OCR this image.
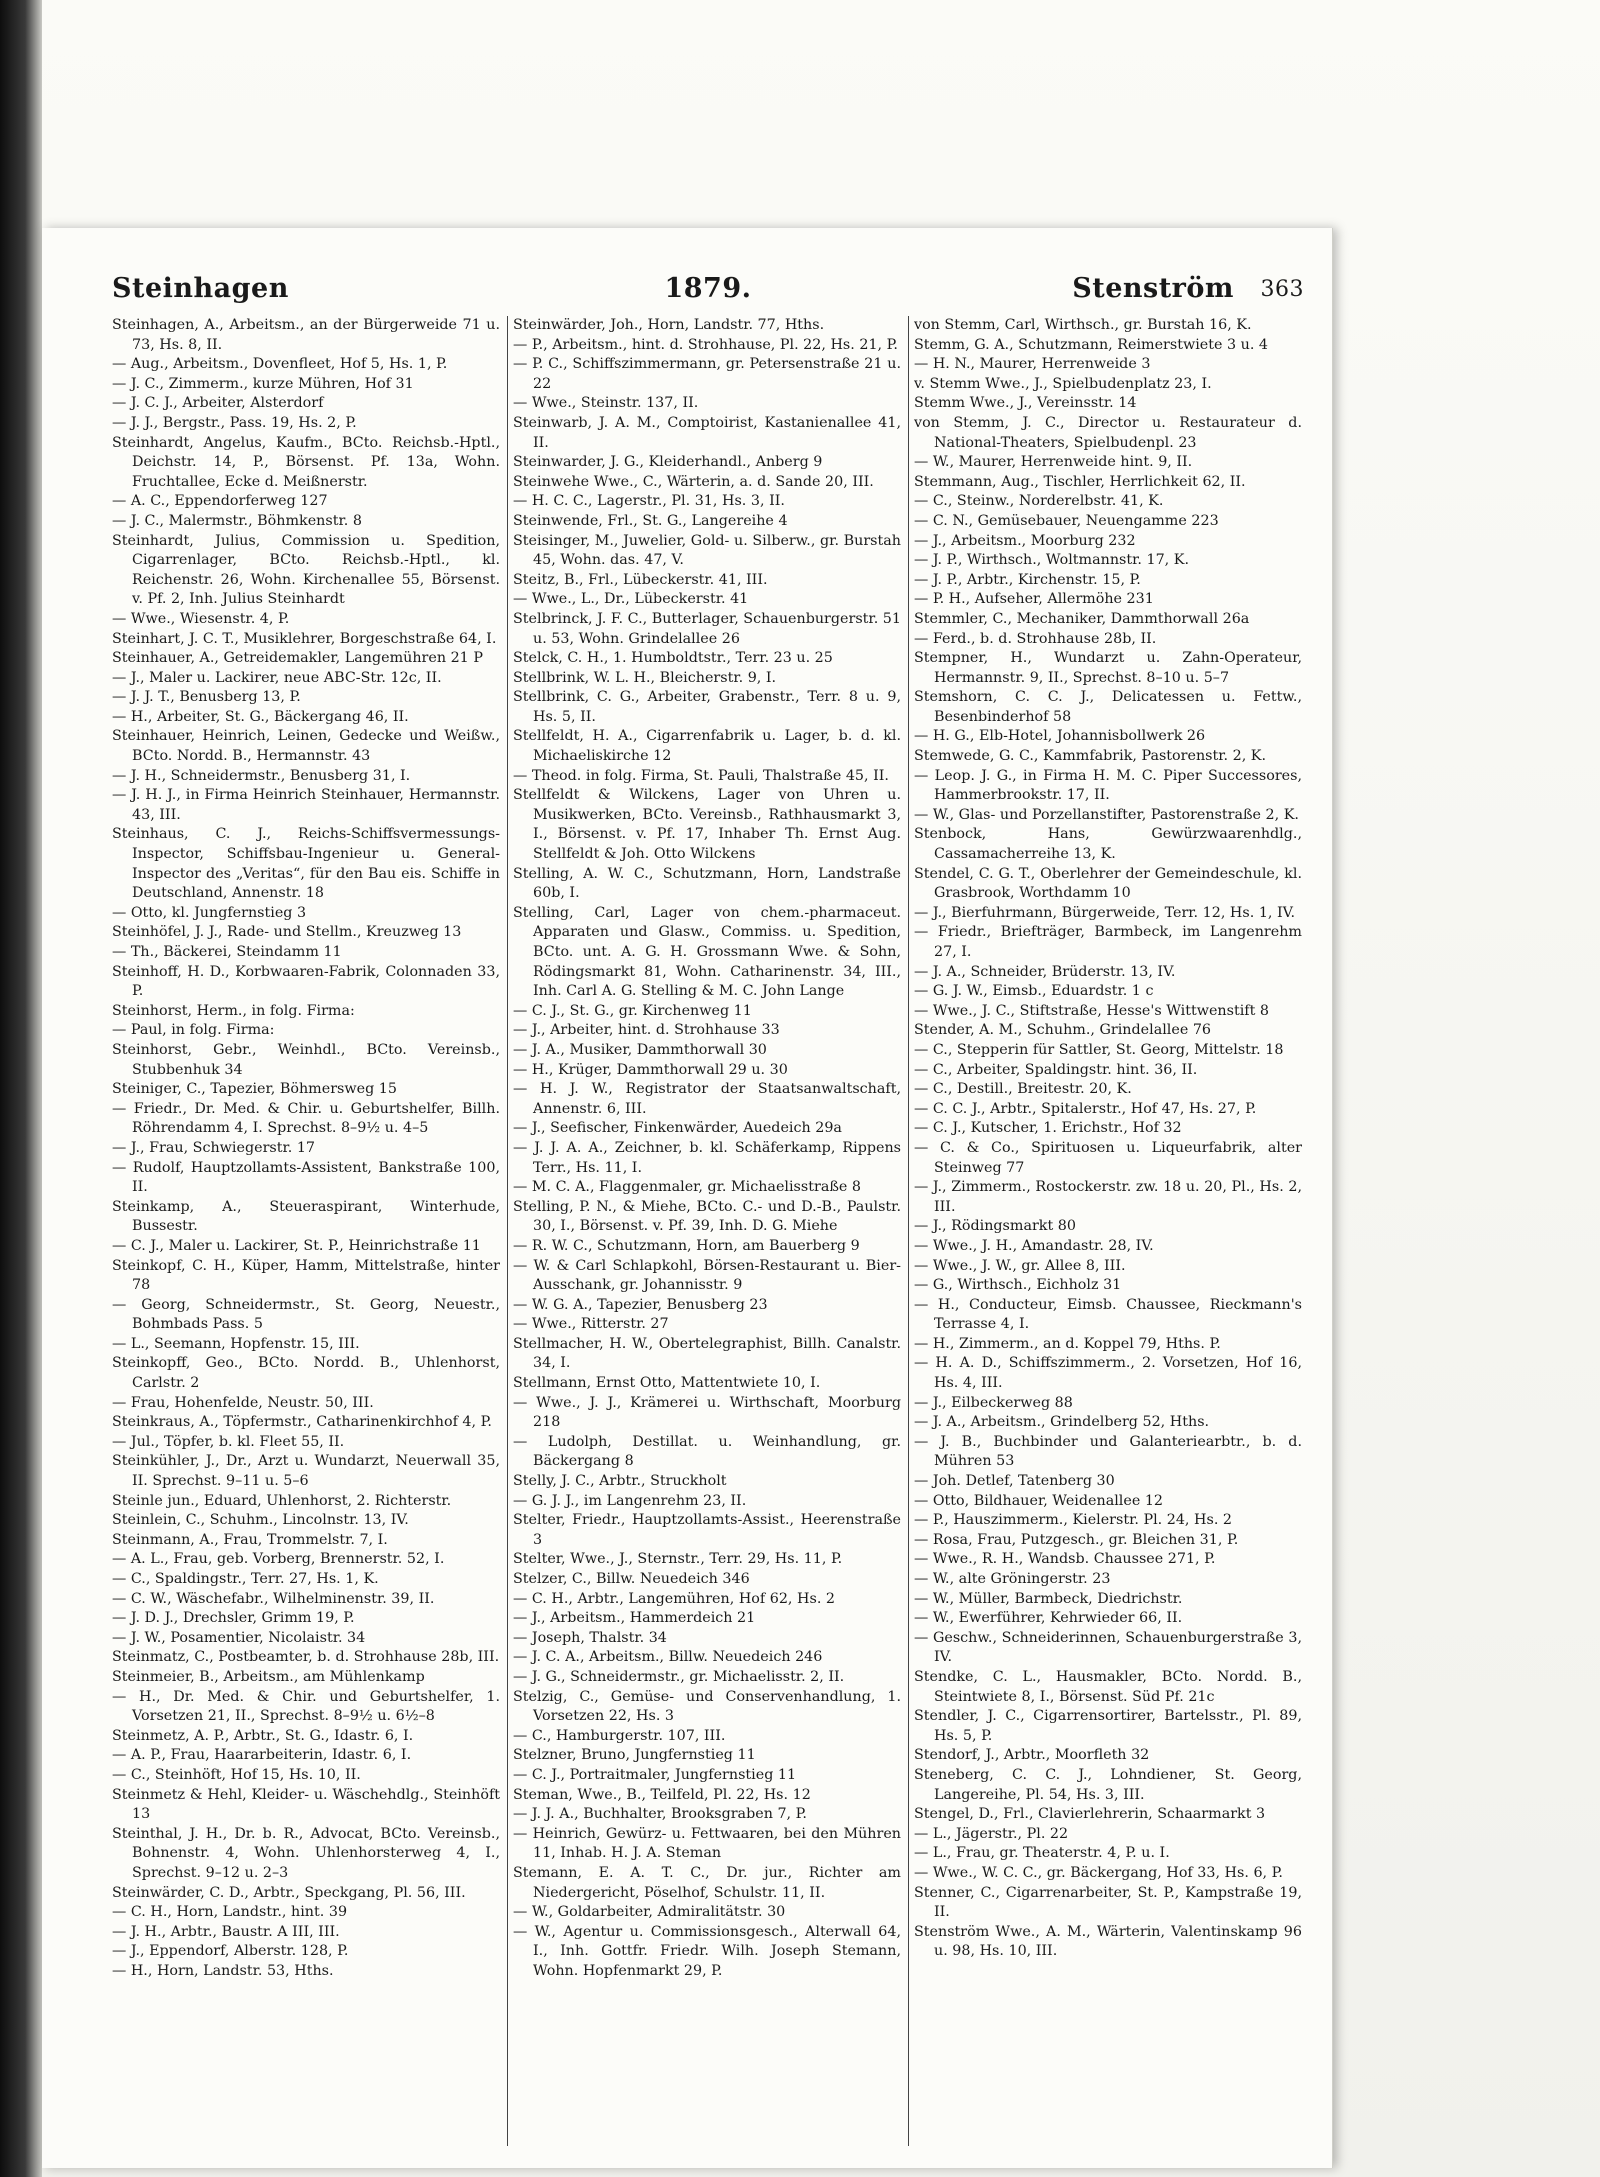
Steinhagen	1879.	Stenström 363
Steinhagen, A., Arbeitsm., an der Bürgerweide 71 u. 73, Hs. 8, II.
— Aug., Arbeitsm., Dovenfleet, Hof 5, Hs. 1, P.
— J. C., Zimmerm., kurze Mühren, Hof 31
— J. C. J., Arbeiter, Alsterdorf
— J. J., Bergstr., Pass. 19, Hs. 2, P.
Steinhardt, Angelus, Kaufm., BCto. Reichsb.-Hptl., Deichstr. 14, P., Börsenst. Pf. 13a, Wohn. Fruchtallee, Ecke d. Meißnerstr.
— A. C., Eppendorferweg 127
— J. C., Malermstr., Böhmkenstr. 8
Steinhardt, Julius, Commission u. Spedition, Cigarrenlager, BCto. Reichsb.-Hptl., kl. Reichenstr. 26, Wohn. Kirchenallee 55, Börsenst. v. Pf. 2, Inh. Julius Steinhardt
— Wwe., Wiesenstr. 4, P.
Steinhart, J. C. T., Musiklehrer, Borgeschstraße 64, I.
Steinhauer, A., Getreidemakler, Langemühren 21 P
— J., Maler u. Lackirer, neue ABC-Str. 12c, II.
— J. J. T., Benusberg 13, P.
— H., Arbeiter, St. G., Bäckergang 46, II.
Steinhauer, Heinrich, Leinen, Gedecke und Weißw., BCto. Nordd. B., Hermannstr. 43
— J. H., Schneidermstr., Benusberg 31, I.
— J. H. J., in Firma Heinrich Steinhauer, Hermannstr. 43, III.
Steinhaus, C. J., Reichs-Schiffsvermessungs-Inspector, Schiffsbau-Ingenieur u. General-Inspector des „Veritas“, für den Bau eis. Schiffe in Deutschland, Annenstr. 18
— Otto, kl. Jungfernstieg 3
Steinhöfel, J. J., Rade- und Stellm., Kreuzweg 13
— Th., Bäckerei, Steindamm 11
Steinhoff, H. D., Korbwaaren-Fabrik, Colonnaden 33, P.
Steinhorst, Herm., in folg. Firma:
— Paul, in folg. Firma:
Steinhorst, Gebr., Weinhdl., BCto. Vereinsb., Stubbenhuk 34
Steiniger, C., Tapezier, Böhmersweg 15
— Friedr., Dr. Med. & Chir. u. Geburtshelfer, Billh. Röhrendamm 4, I. Sprechst. 8–9½ u. 4–5
— J., Frau, Schwiegerstr. 17
— Rudolf, Hauptzollamts-Assistent, Bankstraße 100, II.
Steinkamp, A., Steueraspirant, Winterhude, Bussestr.
— C. J., Maler u. Lackirer, St. P., Heinrichstraße 11
Steinkopf, C. H., Küper, Hamm, Mittelstraße, hinter 78
— Georg, Schneidermstr., St. Georg, Neuestr., Bohmbads Pass. 5
— L., Seemann, Hopfenstr. 15, III.
Steinkopff, Geo., BCto. Nordd. B., Uhlenhorst, Carlstr. 2
— Frau, Hohenfelde, Neustr. 50, III.
Steinkraus, A., Töpfermstr., Catharinenkirchhof 4, P.
— Jul., Töpfer, b. kl. Fleet 55, II.
Steinkühler, J., Dr., Arzt u. Wundarzt, Neuerwall 35, II. Sprechst. 9–11 u. 5–6
Steinle jun., Eduard, Uhlenhorst, 2. Richterstr.
Steinlein, C., Schuhm., Lincolnstr. 13, IV.
Steinmann, A., Frau, Trommelstr. 7, I.
— A. L., Frau, geb. Vorberg, Brennerstr. 52, I.
— C., Spaldingstr., Terr. 27, Hs. 1, K.
— C. W., Wäschefabr., Wilhelminenstr. 39, II.
— J. D. J., Drechsler, Grimm 19, P.
— J. W., Posamentier, Nicolaistr. 34
Steinmatz, C., Postbeamter, b. d. Strohhause 28b, III.
Steinmeier, B., Arbeitsm., am Mühlenkamp
— H., Dr. Med. & Chir. und Geburtshelfer, 1. Vorsetzen 21, II., Sprechst. 8–9½ u. 6½–8
Steinmetz, A. P., Arbtr., St. G., Idastr. 6, I.
— A. P., Frau, Haararbeiterin, Idastr. 6, I.
— C., Steinhöft, Hof 15, Hs. 10, II.
Steinmetz & Hehl, Kleider- u. Wäschehdlg., Steinhöft 13
Steinthal, J. H., Dr. b. R., Advocat, BCto. Vereinsb., Bohnenstr. 4, Wohn. Uhlenhorsterweg 4, I., Sprechst. 9–12 u. 2–3
Steinwärder, C. D., Arbtr., Speckgang, Pl. 56, III.
— C. H., Horn, Landstr., hint. 39
— J. H., Arbtr., Baustr. A III, III.
— J., Eppendorf, Alberstr. 128, P.
— H., Horn, Landstr. 53, Hths.
Steinwärder, Joh., Horn, Landstr. 77, Hths.
— P., Arbeitsm., hint. d. Strohhause, Pl. 22, Hs. 21, P.
— P. C., Schiffszimmermann, gr. Petersenstraße 21 u. 22
— Wwe., Steinstr. 137, II.
Steinwarb, J. A. M., Comptoirist, Kastanienallee 41, II.
Steinwarder, J. G., Kleiderhandl., Anberg 9
Steinwehe Wwe., C., Wärterin, a. d. Sande 20, III.
— H. C. C., Lagerstr., Pl. 31, Hs. 3, II.
Steinwende, Frl., St. G., Langereihe 4
Steisinger, M., Juwelier, Gold- u. Silberw., gr. Burstah 45, Wohn. das. 47, V.
Steitz, B., Frl., Lübeckerstr. 41, III.
— Wwe., L., Dr., Lübeckerstr. 41
Stelbrinck, J. F. C., Butterlager, Schauenburgerstr. 51 u. 53, Wohn. Grindelallee 26
Stelck, C. H., 1. Humboldtstr., Terr. 23 u. 25
Stellbrink, W. L. H., Bleicherstr. 9, I.
Stellbrink, C. G., Arbeiter, Grabenstr., Terr. 8 u. 9, Hs. 5, II.
Stellfeldt, H. A., Cigarrenfabrik u. Lager, b. d. kl. Michaeliskirche 12
— Theod. in folg. Firma, St. Pauli, Thalstraße 45, II.
Stellfeldt & Wilckens, Lager von Uhren u. Musikwerken, BCto. Vereinsb., Rathhausmarkt 3, I., Börsenst. v. Pf. 17, Inhaber Th. Ernst Aug. Stellfeldt & Joh. Otto Wilckens
Stelling, A. W. C., Schutzmann, Horn, Landstraße 60b, I.
Stelling, Carl, Lager von chem.-pharmaceut. Apparaten und Glasw., Commiss. u. Spedition, BCto. unt. A. G. H. Grossmann Wwe. & Sohn, Rödingsmarkt 81, Wohn. Catharinenstr. 34, III., Inh. Carl A. G. Stelling & M. C. John Lange
— C. J., St. G., gr. Kirchenweg 11
— J., Arbeiter, hint. d. Strohhause 33
— J. A., Musiker, Dammthorwall 30
— H., Krüger, Dammthorwall 29 u. 30
— H. J. W., Registrator der Staatsanwaltschaft, Annenstr. 6, III.
— J., Seefischer, Finkenwärder, Auedeich 29a
— J. J. A. A., Zeichner, b. kl. Schäferkamp, Rippens Terr., Hs. 11, I.
— M. C. A., Flaggenmaler, gr. Michaelisstraße 8
Stelling, P. N., & Miehe, BCto. C.- und D.-B., Paulstr. 30, I., Börsenst. v. Pf. 39, Inh. D. G. Miehe
— R. W. C., Schutzmann, Horn, am Bauerberg 9
— W. & Carl Schlapkohl, Börsen-Restaurant u. Bier-Ausschank, gr. Johannisstr. 9
— W. G. A., Tapezier, Benusberg 23
— Wwe., Ritterstr. 27
Stellmacher, H. W., Obertelegraphist, Billh. Canalstr. 34, I.
Stellmann, Ernst Otto, Mattentwiete 10, I.
— Wwe., J. J., Krämerei u. Wirthschaft, Moorburg 218
— Ludolph, Destillat. u. Weinhandlung, gr. Bäckergang 8
Stelly, J. C., Arbtr., Struckholt
— G. J. J., im Langenrehm 23, II.
Stelter, Friedr., Hauptzollamts-Assist., Heerenstraße 3
Stelter, Wwe., J., Sternstr., Terr. 29, Hs. 11, P.
Stelzer, C., Billw. Neuedeich 346
— C. H., Arbtr., Langemühren, Hof 62, Hs. 2
— J., Arbeitsm., Hammerdeich 21
— Joseph, Thalstr. 34
— J. C. A., Arbeitsm., Billw. Neuedeich 246
— J. G., Schneidermstr., gr. Michaelisstr. 2, II.
Stelzig, C., Gemüse- und Conservenhandlung, 1. Vorsetzen 22, Hs. 3
— C., Hamburgerstr. 107, III.
Stelzner, Bruno, Jungfernstieg 11
— C. J., Portraitmaler, Jungfernstieg 11
Steman, Wwe., B., Teilfeld, Pl. 22, Hs. 12
— J. J. A., Buchhalter, Brooksgraben 7, P.
— Heinrich, Gewürz- u. Fettwaaren, bei den Mühren 11, Inhab. H. J. A. Steman
Stemann, E. A. T. C., Dr. jur., Richter am Niedergericht, Pöselhof, Schulstr. 11, II.
— W., Goldarbeiter, Admiralitätstr. 30
— W., Agentur u. Commissionsgesch., Alterwall 64, I., Inh. Gottfr. Friedr. Wilh. Joseph Stemann, Wohn. Hopfenmarkt 29, P.
von Stemm, Carl, Wirthsch., gr. Burstah 16, K.
Stemm, G. A., Schutzmann, Reimerstwiete 3 u. 4
— H. N., Maurer, Herrenweide 3
v. Stemm Wwe., J., Spielbudenplatz 23, I.
Stemm Wwe., J., Vereinsstr. 14
von Stemm, J. C., Director u. Restaurateur d. National-Theaters, Spielbudenpl. 23
— W., Maurer, Herrenweide hint. 9, II.
Stemmann, Aug., Tischler, Herrlichkeit 62, II.
— C., Steinw., Norderelbstr. 41, K.
— C. N., Gemüsebauer, Neuengamme 223
— J., Arbeitsm., Moorburg 232
— J. P., Wirthsch., Woltmannstr. 17, K.
— J. P., Arbtr., Kirchenstr. 15, P.
— P. H., Aufseher, Allermöhe 231
Stemmler, C., Mechaniker, Dammthorwall 26a
— Ferd., b. d. Strohhause 28b, II.
Stempner, H., Wundarzt u. Zahn-Operateur, Hermannstr. 9, II., Sprechst. 8–10 u. 5–7
Stemshorn, C. C. J., Delicatessen u. Fettw., Besenbinderhof 58
— H. G., Elb-Hotel, Johannisbollwerk 26
Stemwede, G. C., Kammfabrik, Pastorenstr. 2, K.
— Leop. J. G., in Firma H. M. C. Piper Successores, Hammerbrookstr. 17, II.
— W., Glas- und Porzellanstifter, Pastorenstraße 2, K.
Stenbock, Hans, Gewürzwaarenhdlg., Cassamacherreihe 13, K.
Stendel, C. G. T., Oberlehrer der Gemeindeschule, kl. Grasbrook, Worthdamm 10
— J., Bierfuhrmann, Bürgerweide, Terr. 12, Hs. 1, IV.
— Friedr., Briefträger, Barmbeck, im Langenrehm 27, I.
— J. A., Schneider, Brüderstr. 13, IV.
— G. J. W., Eimsb., Eduardstr. 1 c
— Wwe., J. C., Stiftstraße, Hesse's Wittwenstift 8
Stender, A. M., Schuhm., Grindelallee 76
— C., Stepperin für Sattler, St. Georg, Mittelstr. 18
— C., Arbeiter, Spaldingstr. hint. 36, II.
— C., Destill., Breitestr. 20, K.
— C. C. J., Arbtr., Spitalerstr., Hof 47, Hs. 27, P.
— C. J., Kutscher, 1. Erichstr., Hof 32
— C. & Co., Spirituosen u. Liqueurfabrik, alter Steinweg 77
— J., Zimmerm., Rostockerstr. zw. 18 u. 20, Pl., Hs. 2, III.
— J., Rödingsmarkt 80
— Wwe., J. H., Amandastr. 28, IV.
— Wwe., J. W., gr. Allee 8, III.
— G., Wirthsch., Eichholz 31
— H., Conducteur, Eimsb. Chaussee, Rieckmann's Terrasse 4, I.
— H., Zimmerm., an d. Koppel 79, Hths. P.
— H. A. D., Schiffszimmerm., 2. Vorsetzen, Hof 16, Hs. 4, III.
— J., Eilbeckerweg 88
— J. A., Arbeitsm., Grindelberg 52, Hths.
— J. B., Buchbinder und Galanteriearbtr., b. d. Mühren 53
— Joh. Detlef, Tatenberg 30
— Otto, Bildhauer, Weidenallee 12
— P., Hauszimmerm., Kielerstr. Pl. 24, Hs. 2
— Rosa, Frau, Putzgesch., gr. Bleichen 31, P.
— Wwe., R. H., Wandsb. Chaussee 271, P.
— W., alte Gröningerstr. 23
— W., Müller, Barmbeck, Diedrichstr.
— W., Ewerführer, Kehrwieder 66, II.
— Geschw., Schneiderinnen, Schauenburgerstraße 3, IV.
Stendke, C. L., Hausmakler, BCto. Nordd. B., Steintwiete 8, I., Börsenst. Süd Pf. 21c
Stendler, J. C., Cigarrensortirer, Bartelsstr., Pl. 89, Hs. 5, P.
Stendorf, J., Arbtr., Moorfleth 32
Steneberg, C. C. J., Lohndiener, St. Georg, Langereihe, Pl. 54, Hs. 3, III.
Stengel, D., Frl., Clavierlehrerin, Schaarmarkt 3
— L., Jägerstr., Pl. 22
— L., Frau, gr. Theaterstr. 4, P. u. I.
— Wwe., W. C. C., gr. Bäckergang, Hof 33, Hs. 6, P.
Stenner, C., Cigarrenarbeiter, St. P., Kampstraße 19, II.
Stenström Wwe., A. M., Wärterin, Valentinskamp 96 u. 98, Hs. 10, III.
